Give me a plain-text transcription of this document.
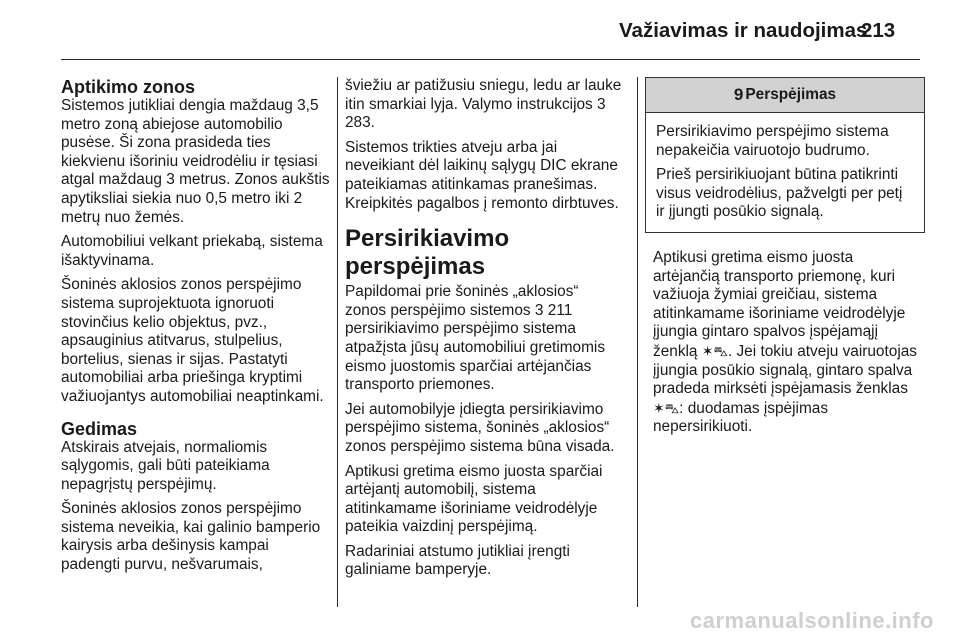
Važiavimas ir naudojimas
213
Aptikimo zonos

Sistemos jutikliai dengia maždaug 3,5 metro zoną abiejose automobilio pusėse. Ši zona prasideda ties kiekvienu išoriniu veidrodėliu ir tęsiasi atgal maždaug 3 metrus. Zonos aukštis apytiksliai siekia nuo 0,5 metro iki 2 metrų nuo žemės.

Automobiliui velkant priekabą, sistema išaktyvinama.

Šoninės aklosios zonos perspėjimo sistema suprojektuota ignoruoti stovinčius kelio objektus, pvz., apsauginius atitvarus, stulpelius, bortelius, sienas ir sijas. Pastatyti automobiliai arba priešinga kryptimi važiuojantys automobiliai neaptinkami.

Gedimas

Atskirais atvejais, normaliomis sąlygomis, gali būti pateikiama nepagrįstų perspėjimų.

Šoninės aklosios zonos perspėjimo sistema neveikia, kai galinio bamperio kairysis arba dešinysis kampai padengti purvu, nešvarumais,

šviežiu ar patižusiu sniegu, ledu ar lauke itin smarkiai lyja. Valymo instrukcijos 3 283.

Sistemos trikties atveju arba jai neveikiant dėl laikinų sąlygų DIC ekrane pateikiamas atitinkamas pranešimas. Kreipkitės pagalbos į remonto dirbtuves.

Persirikiavimo perspėjimas

Papildomai prie šoninės „aklosios“ zonos perspėjimo sistemos 3 211 persirikiavimo perspėjimo sistema atpažįsta jūsų automobiliui gretimomis eismo juostomis sparčiai artėjančias transporto priemones.

Jei automobilyje įdiegta persirikiavimo perspėjimo sistema, šoninės „aklosios“ zonos perspėjimo sistema būna visada.

Aptikusi gretima eismo juosta sparčiai artėjantį automobilį, sistema atitinkamame išoriniame veidrodėlyje pateikia vaizdinį perspėjimą.

Radariniai atstumo jutikliai įrengti galiniame bamperyje.

9 Perspėjimas

Persirikiavimo perspėjimo sistema nepakeičia vairuotojo budrumo.

Prieš persirikiuojant būtina patikrinti visus veidrodėlius, pažvelgti per petį ir įjungti posūkio signalą.

Aptikusi gretima eismo juosta artėjančią transporto priemonę, kuri važiuoja žymiai greičiau, sistema atitinkamame išoriniame veidrodėlyje įjungia gintaro spalvos įspėjamąjį ženklą ✶⛍. Jei tokiu atveju vairuotojas įjungia posūkio signalą, gintaro spalva pradeda mirksėti įspėjamasis ženklas ✶⛍: duodamas įspėjimas nepersirikiuoti.

carmanualsonline.info
